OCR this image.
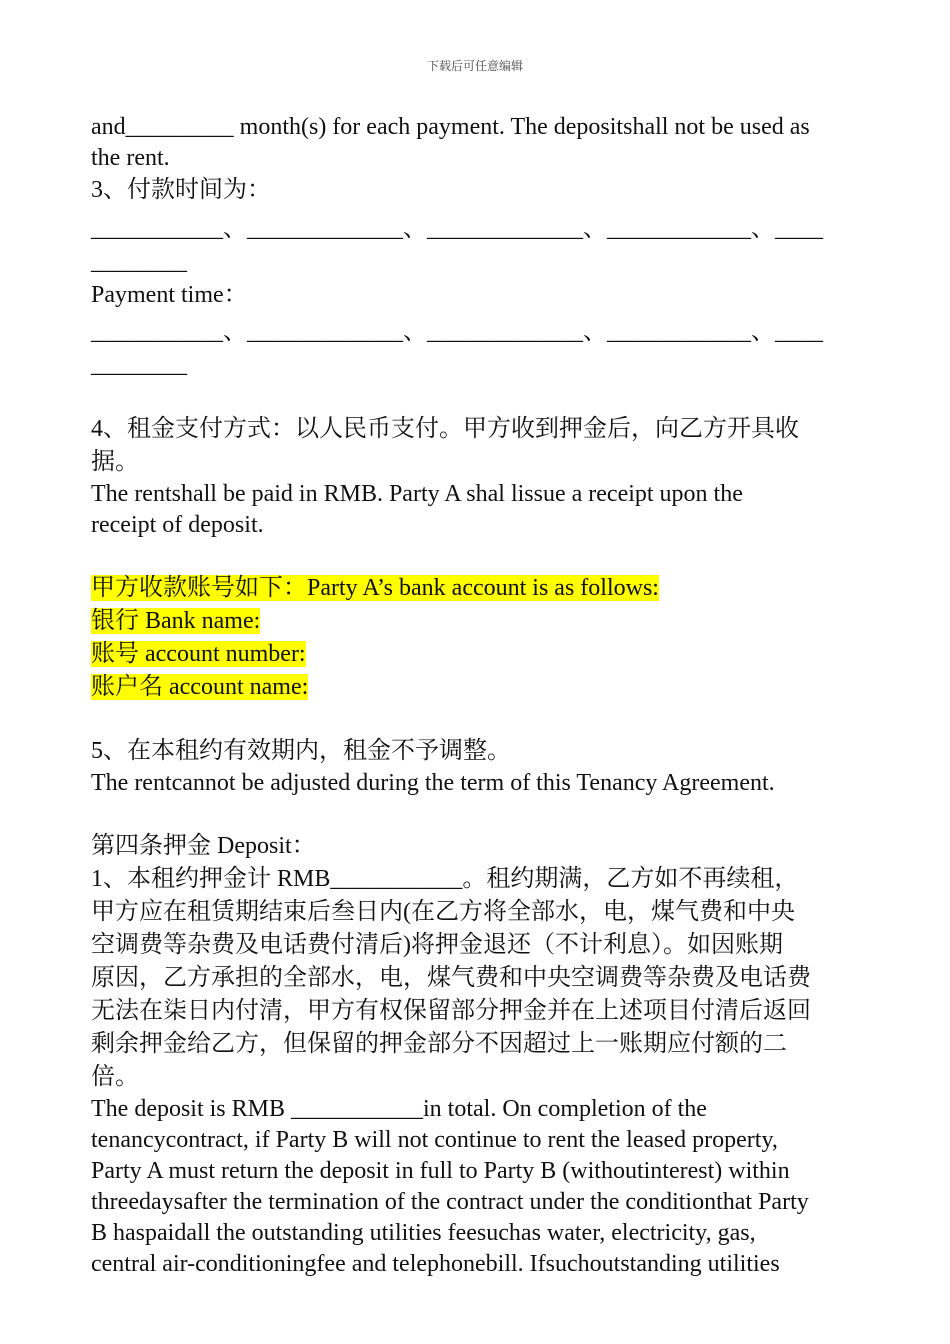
下载后可任意编辑

and_________ month(s) for each payment. The depositshall not be used as

the rent.

3、付款时间为：

___________、_____________、_____________、____________、____

________

Payment time：

___________、_____________、_____________、____________、____

________

4、租金支付方式：以人民币支付。甲方收到押金后，向乙方开具收

据。

The rentshall be paid in RMB. Party A shal lissue a receipt upon the

receipt of deposit.

甲方收款账号如下：Party A’s bank account is as follows:

银行 Bank name:

账号 account number:

账户名 account name:

5、在本租约有效期内，租金不予调整。

The rentcannot be adjusted during the term of this Tenancy Agreement.

第四条押金 Deposit：

1、本租约押金计 RMB___________。租约期满，乙方如不再续租，

甲方应在租赁期结束后叁日内(在乙方将全部水，电，煤气费和中央

空调费等杂费及电话费付清后)将押金退还（不计利息）。如因账期

原因，乙方承担的全部水，电，煤气费和中央空调费等杂费及电话费

无法在柒日内付清，甲方有权保留部分押金并在上述项目付清后返回

剩余押金给乙方，但保留的押金部分不因超过上一账期应付额的二

倍。

The deposit is RMB ___________in total. On completion of the

tenancycontract, if Party B will not continue to rent the leased property,

Party A must return the deposit in full to Party B (withoutinterest) within

threedaysafter the termination of the contract under the conditionthat Party

B haspaidall the outstanding utilities feesuchas water, electricity, gas,

central air-conditioningfee and telephonebill. Ifsuchoutstanding utilities
